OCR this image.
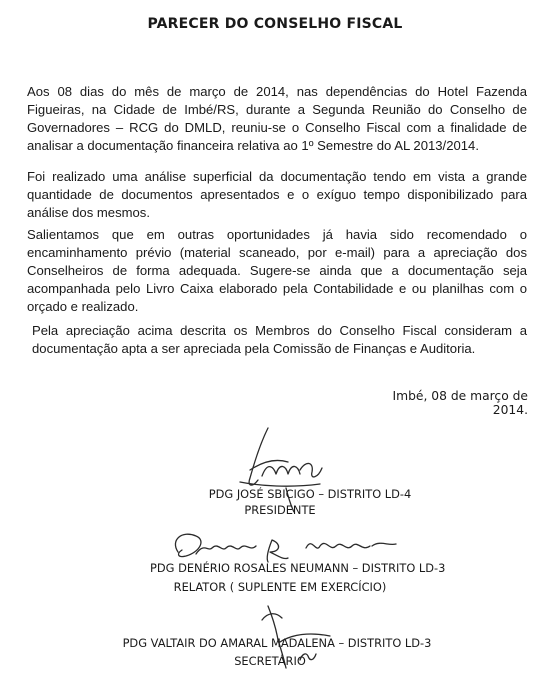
PARECER DO CONSELHO FISCAL
Aos 08 dias do mês de março de 2014, nas dependências do Hotel Fazenda Figueiras, na Cidade de Imbé/RS, durante a Segunda Reunião do Conselho de Governadores – RCG do DMLD, reuniu-se o Conselho Fiscal com a finalidade de analisar a documentação financeira relativa ao 1º Semestre do AL 2013/2014.
Foi realizado uma análise superficial da documentação tendo em vista a grande quantidade de documentos apresentados e o exíguo tempo disponibilizado para análise dos mesmos.
Salientamos que em outras oportunidades já havia sido recomendado o encaminhamento prévio (material scaneado, por e-mail) para a apreciação dos Conselheiros de forma adequada. Sugere-se ainda que a documentação seja acompanhada pelo Livro Caixa elaborado pela Contabilidade e ou planilhas com o orçado e realizado.
Pela apreciação acima descrita os Membros do Conselho Fiscal consideram a documentação apta a ser apreciada pela Comissão de Finanças e Auditoria.
Imbé, 08 de março de 2014.
PDG JOSÉ SBICIGO – DISTRITO LD-4
PRESIDENTE
PDG DENÉRIO ROSALES NEUMANN – DISTRITO LD-3
RELATOR ( SUPLENTE EM EXERCÍCIO)
PDG VALTAIR DO AMARAL MADALENA – DISTRITO LD-3
SECRETÁRIO
